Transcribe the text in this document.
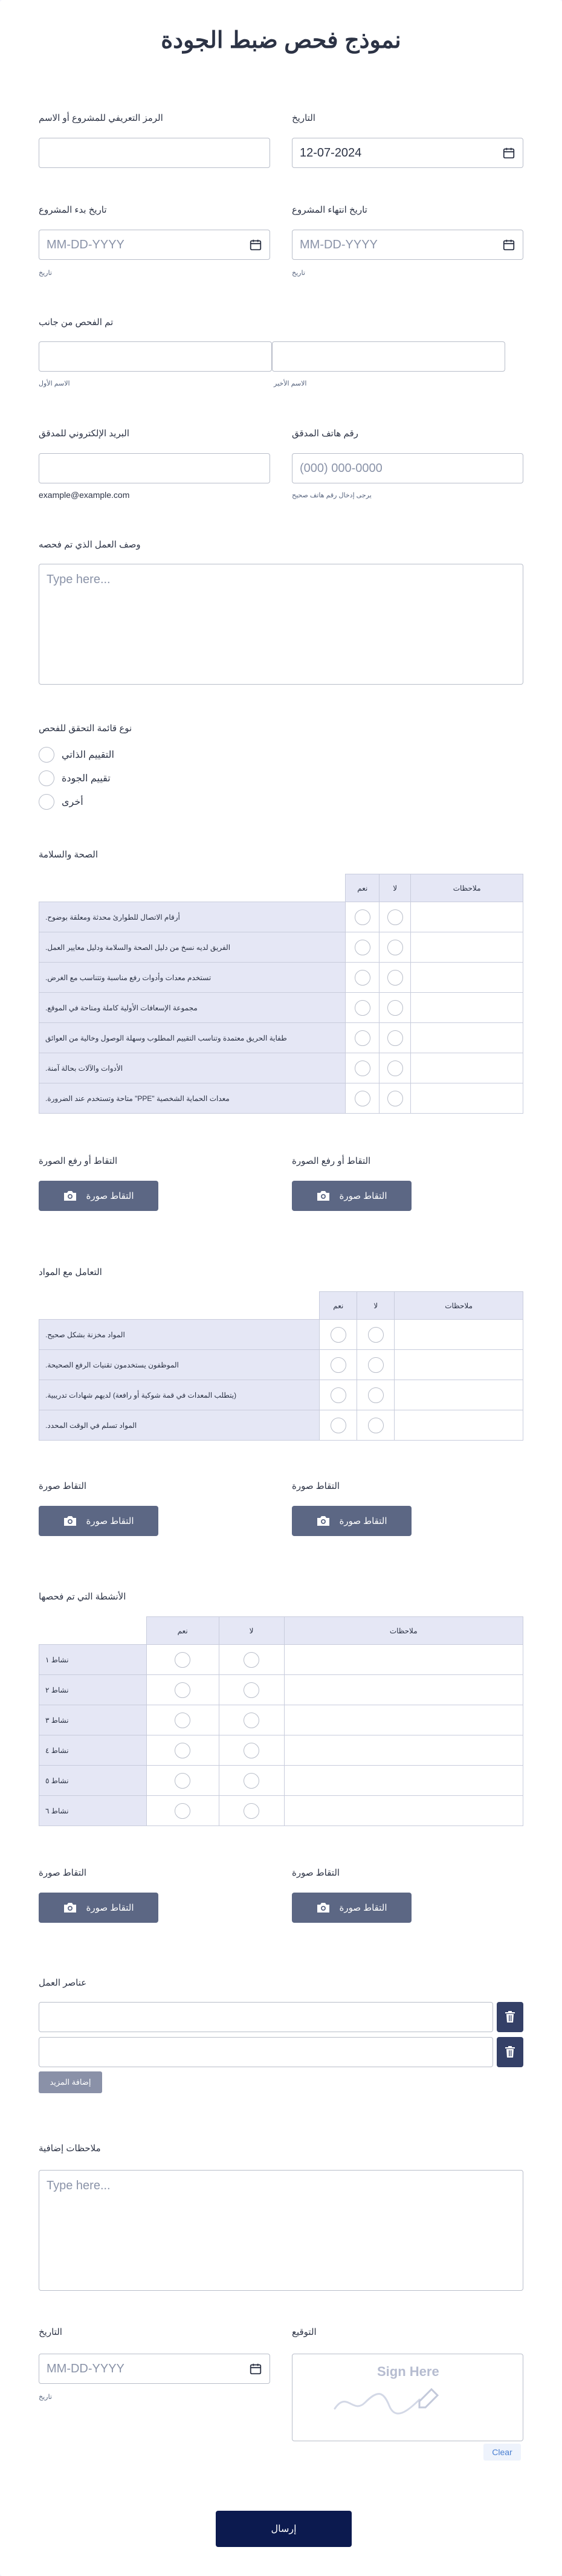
نموذج فحص ضبط الجودة
الرمز التعريفي للمشروع أو الاسم	التاريخ
12-07-2024
تاريخ بدء المشروع
MM-DD-YYYY
تاريخ
تاريخ انتهاء المشروع
MM-DD-YYYY
تاريخ
تم الفحص من جانب
الاسم الأول	الاسم الأخير
البريد الإلكتروني للمدقق
example@example.com
رقم هاتف المدقق
(000) 000-0000
يرجى إدخال رقم هاتف صحيح
وصف العمل الذي تم فحصه
Type here...
نوع قائمة التحقق للفحص
التقييم الذاتي
تقييم الجودة
أخرى
الصحة والسلامة
	نعم	لا	ملاحظات
.أرقام الاتصال للطوارئ محدثة ومعلقة بوضوح			
.الفريق لديه نسخ من دليل الصحة والسلامة ودليل معايير العمل			
.تستخدم معدات وأدوات رفع مناسبة وتتناسب مع الغرض			
.مجموعة الإسعافات الأولية كاملة ومتاحة في الموقع			
طفاية الحريق معتمدة وتناسب التقييم المطلوب وسهلة الوصول وخالية من العوائق			
.الأدوات والآلات بحالة آمنة			
.متاحة وتستخدم عند الضرورة "PPE" معدات الحماية الشخصية			
التقاط أو رفع الصورة
التقاط صورة
التقاط أو رفع الصورة
التقاط صورة
التعامل مع المواد
	نعم	لا	ملاحظات
.المواد مخزنة بشكل صحيح			
.الموظفون يستخدمون تقنيات الرفع الصحيحة			
.يتطلب المعدات في قمة شوكية أو رافعة) لديهم شهادات تدريبية)			
.المواد تسلم في الوقت المحدد			
التقاط صورة
التقاط صورة
التقاط صورة
التقاط صورة
الأنشطة التي تم فحصها
	نعم	لا	ملاحظات
نشاط ١			
نشاط ٢			
نشاط ٣			
نشاط ٤			
نشاط ٥			
نشاط ٦			
التقاط صورة
التقاط صورة
التقاط صورة
التقاط صورة
عناصر العمل
إضافة المزيد
ملاحظات إضافية
Type here...
التاريخ
MM-DD-YYYY
تاريخ
التوقيع
Sign Here
Clear
إرسال
